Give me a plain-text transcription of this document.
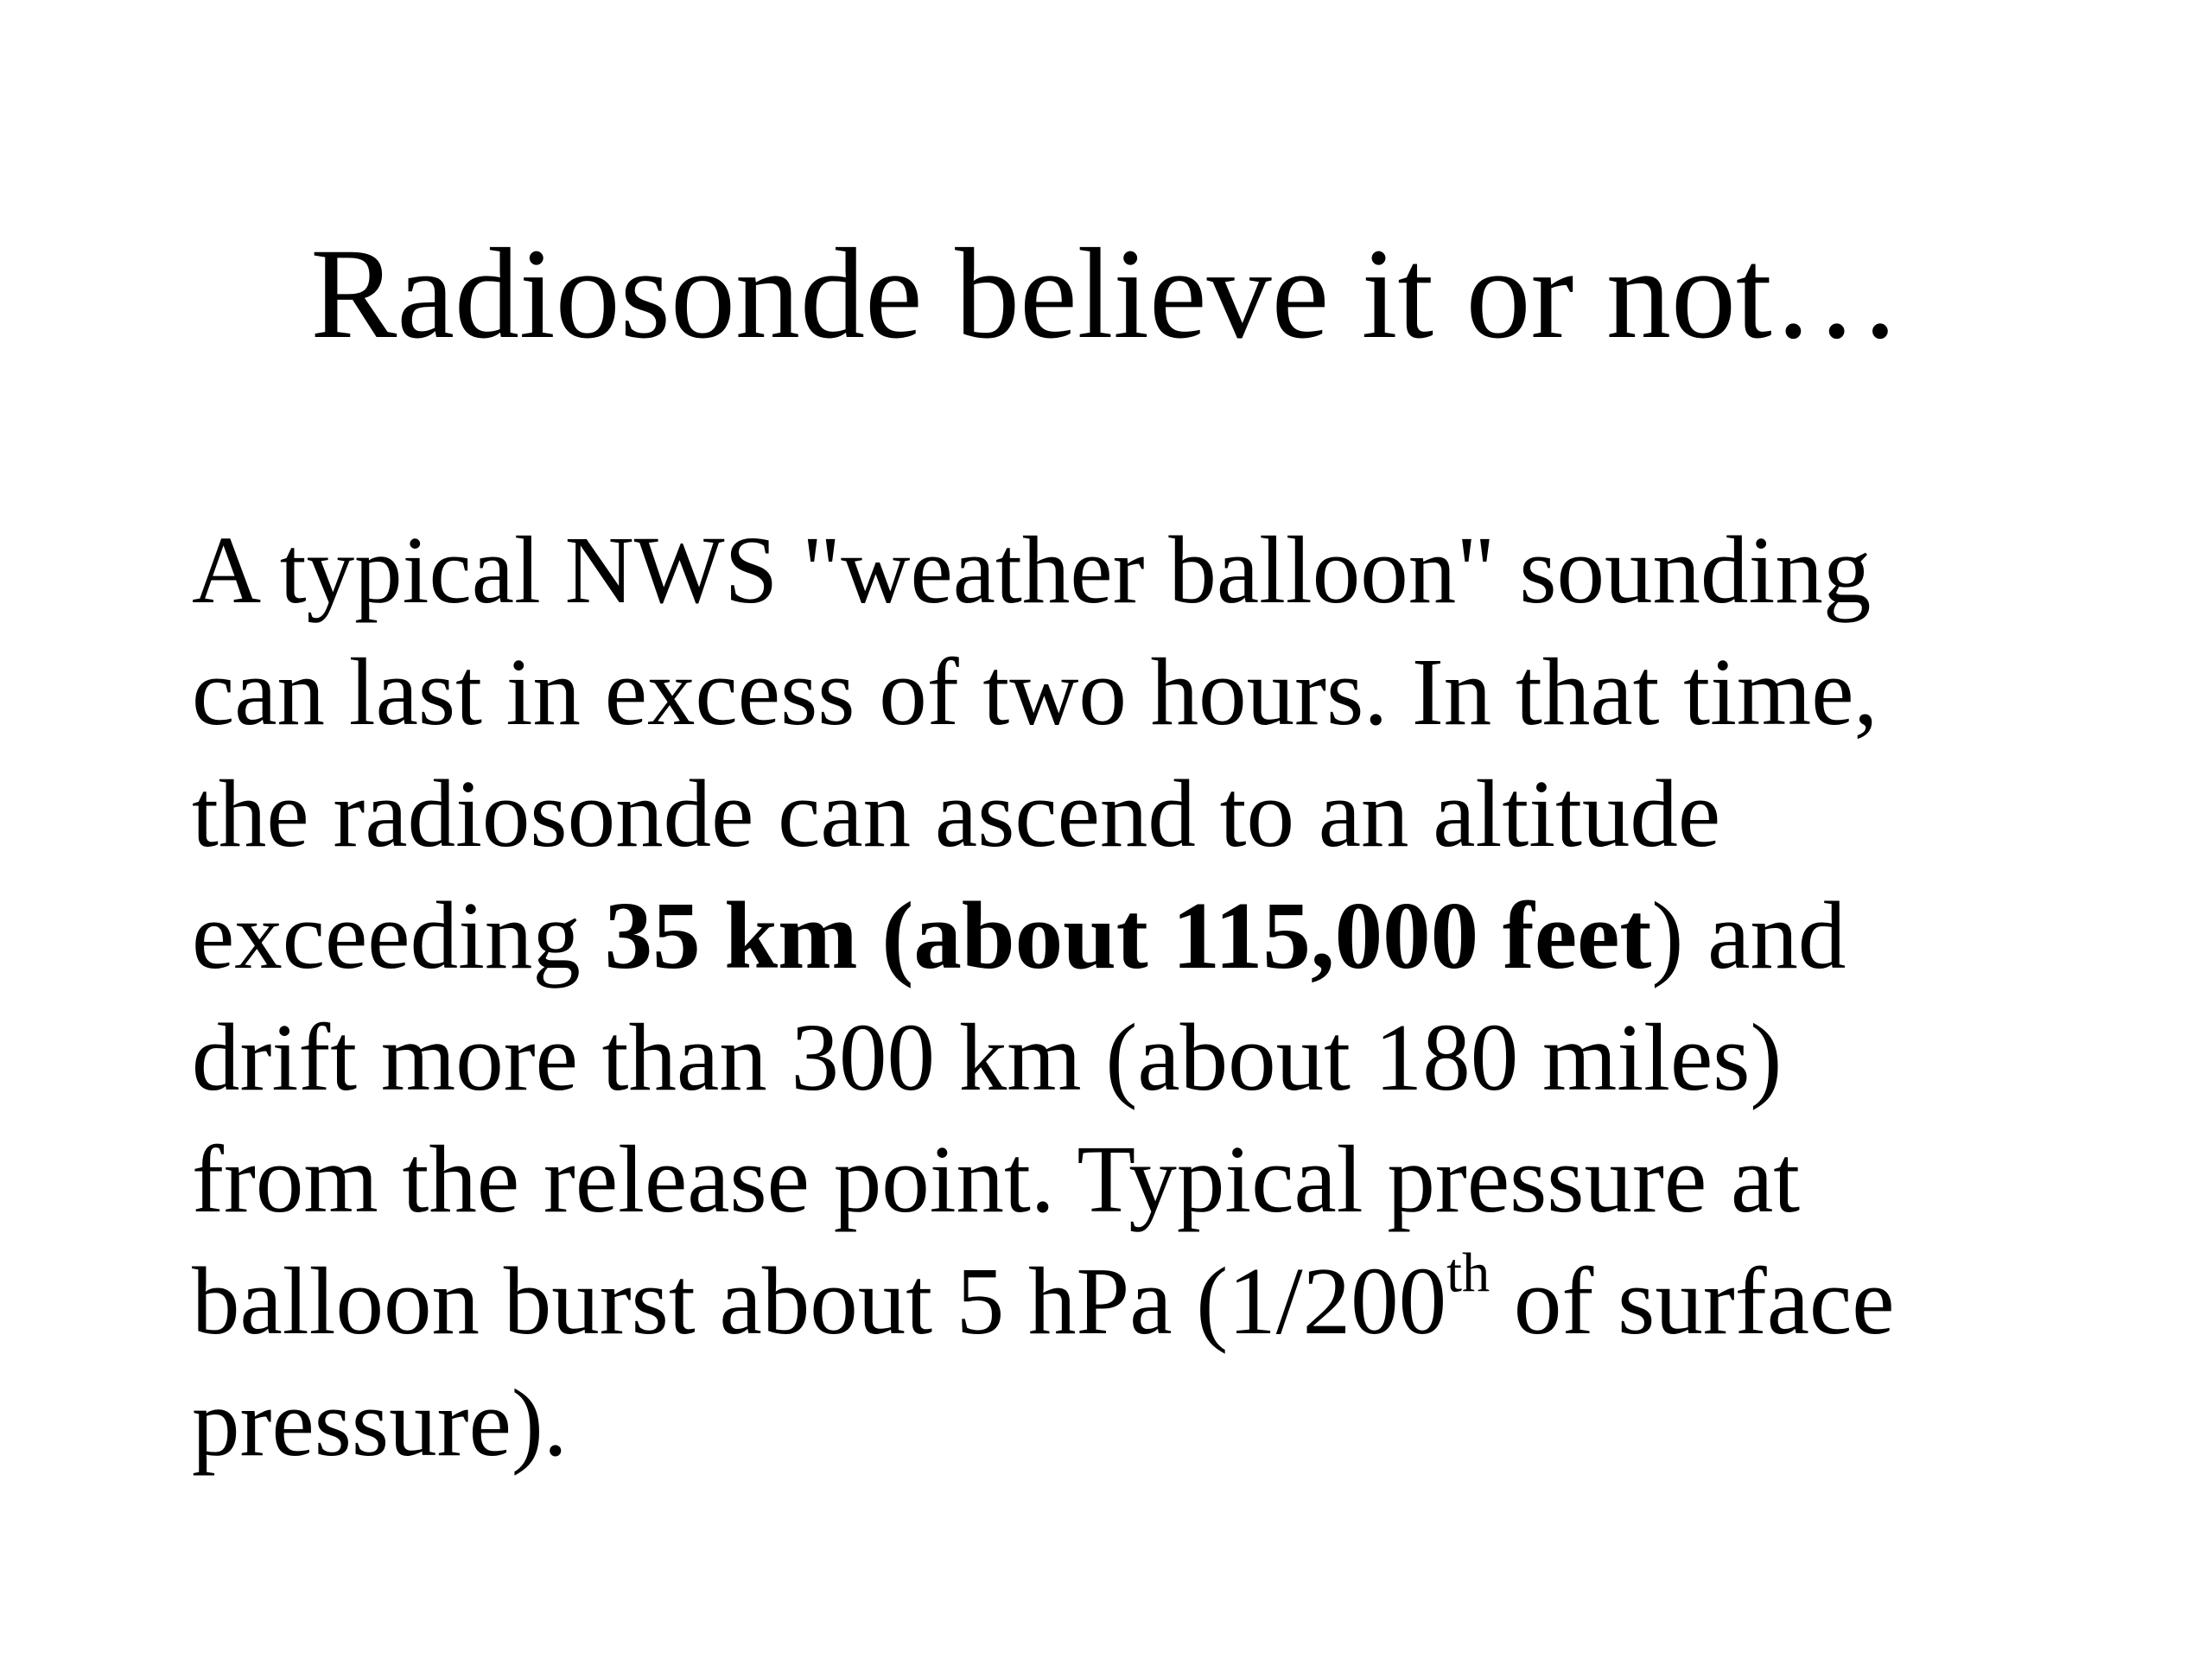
Radiosonde believe it or not…
A typical NWS "weather balloon" sounding
can last in excess of two hours. In that time,
the radiosonde can ascend to an altitude
exceeding 35 km (about 115,000 feet) and
drift more than 300 km (about 180 miles)
from the release point. Typical pressure at
balloon burst about 5 hPa (1/200th of surface
pressure).
